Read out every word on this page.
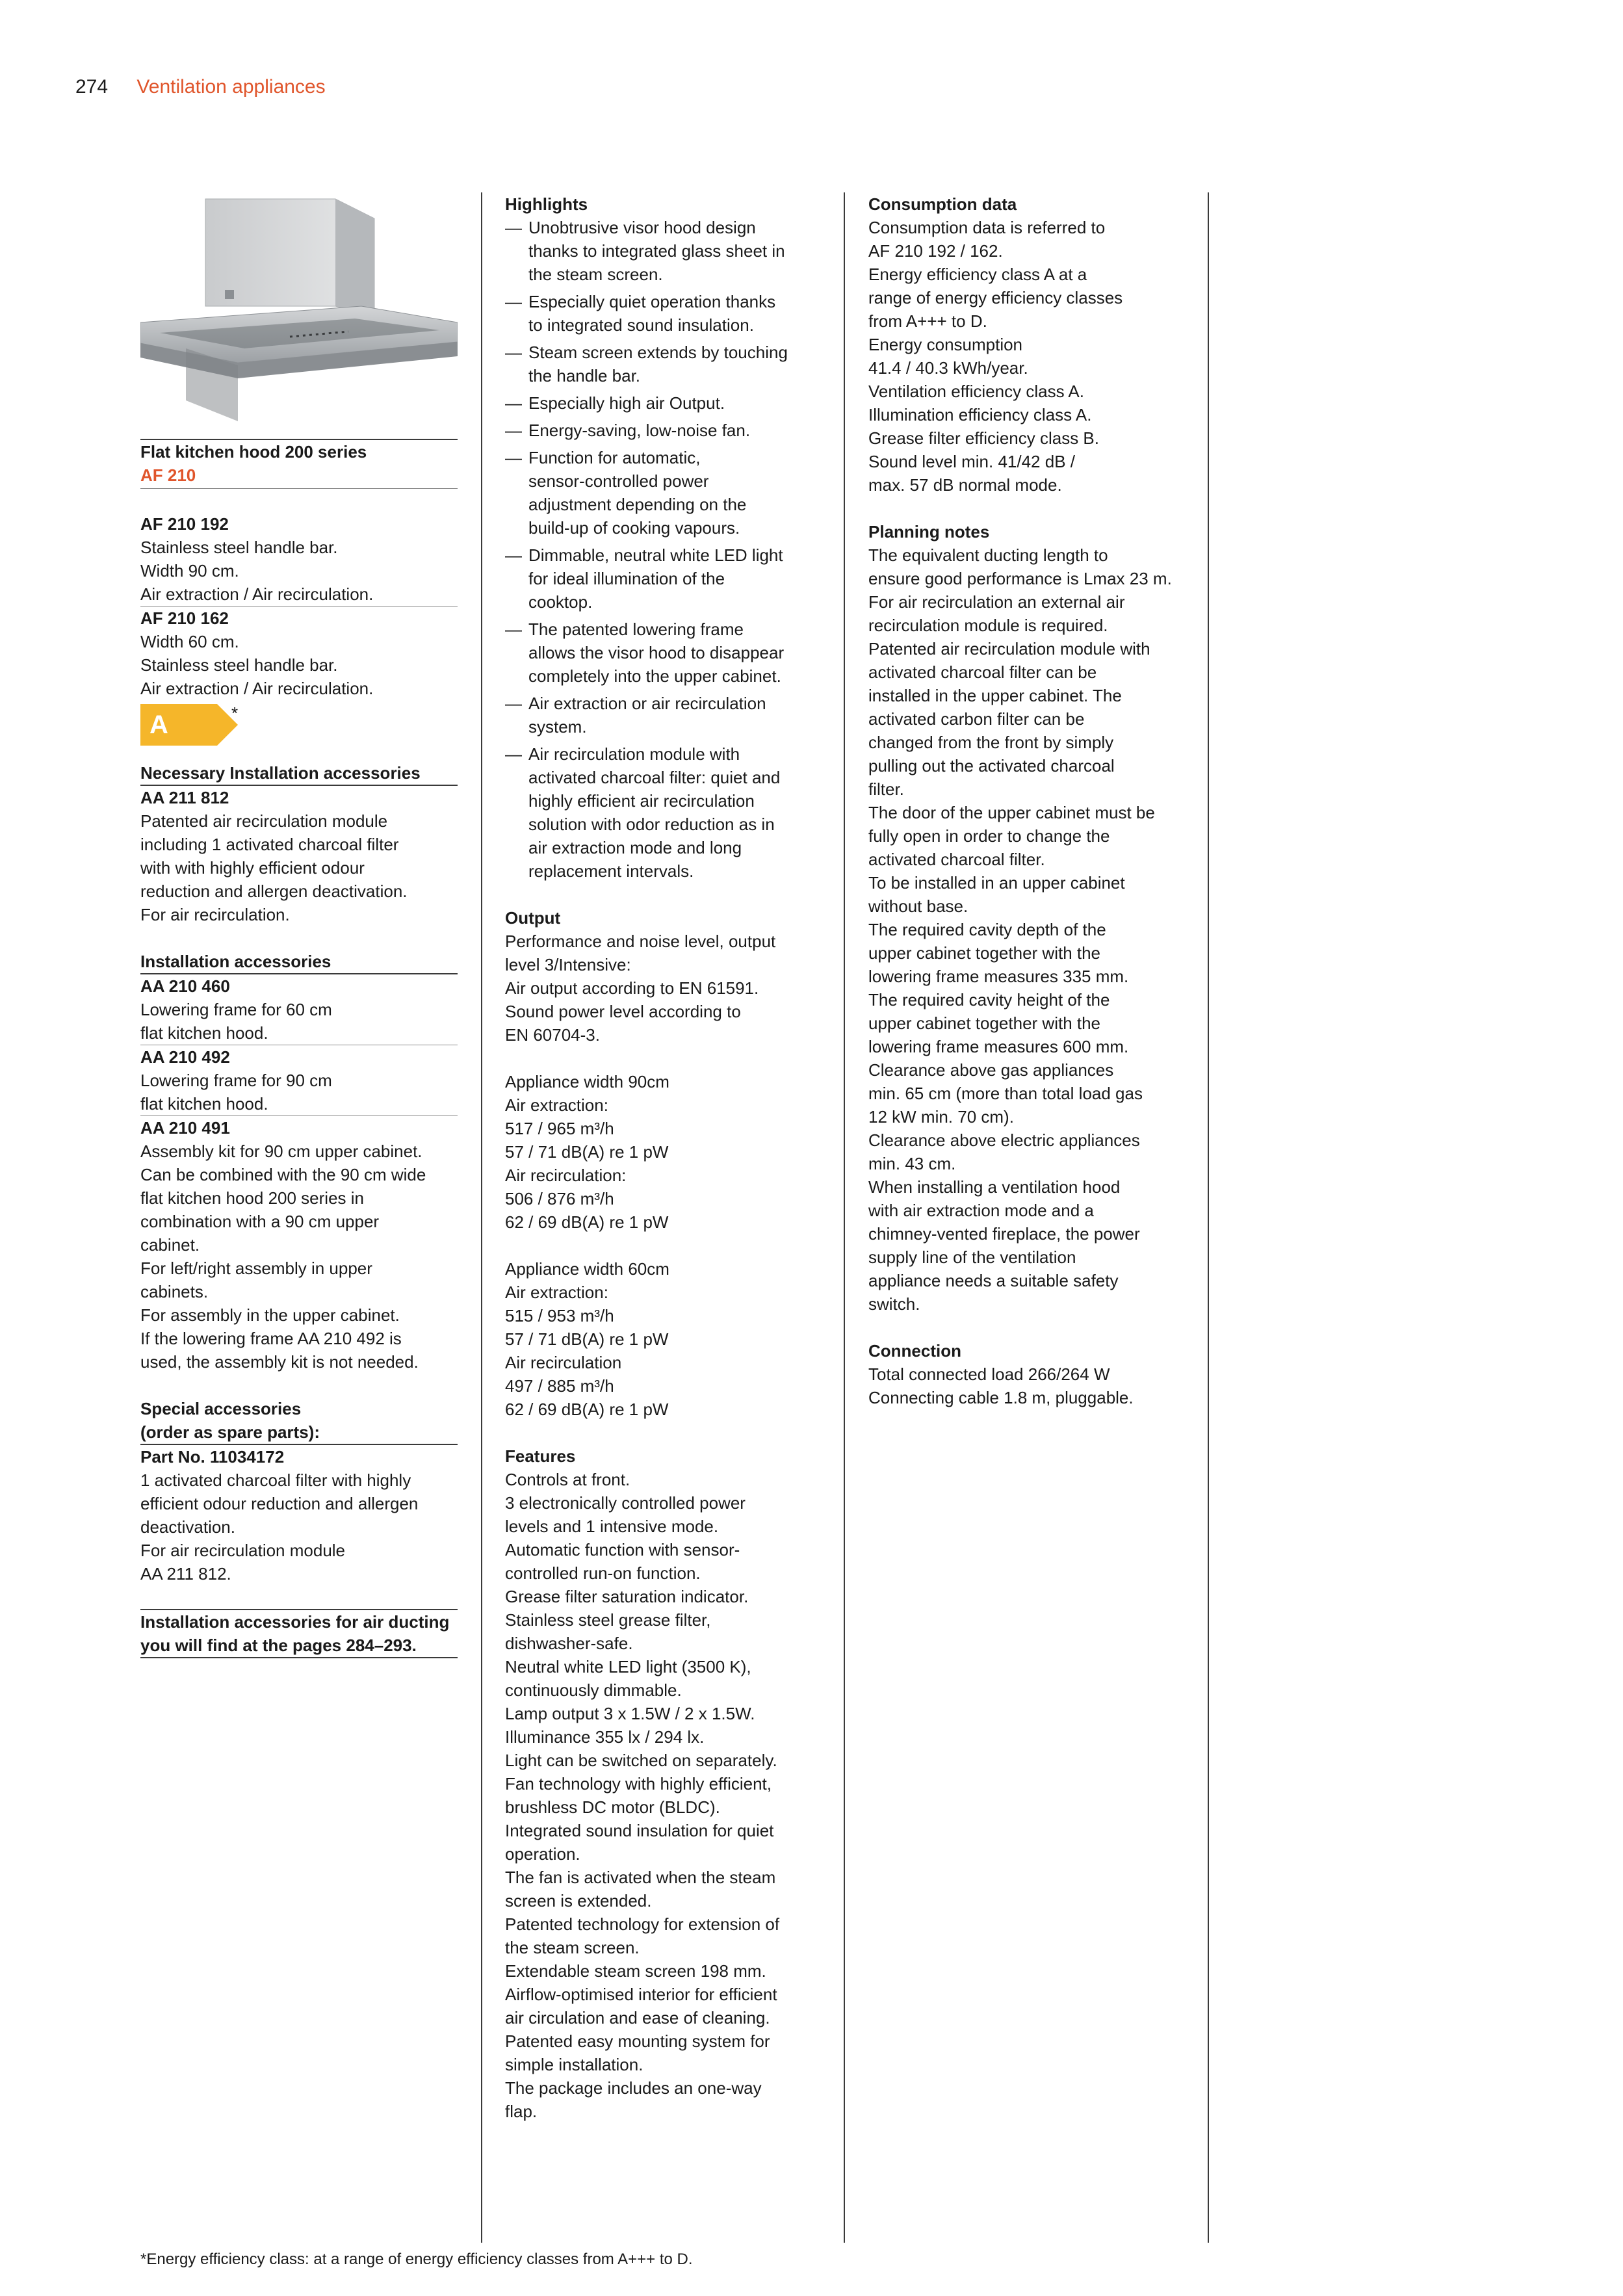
274 Ventilation appliances

Flat kitchen hood 200 series

AF 210

AF 210 192

Stainless steel handle bar.

Width 90 cm.

Air extraction / Air recirculation.

AF 210 162

Width 60 cm.

Stainless steel handle bar.

Air extraction / Air recirculation.

A	*

Necessary Installation accessories

AA 211 812

Patented air recirculation module

including 1 activated charcoal filter

with with highly efficient odour

reduction and allergen deactivation.

For air recirculation.

Installation accessories

AA 210 460

Lowering frame for 60 cm

flat kitchen hood.

AA 210 492

Lowering frame for 90 cm

flat kitchen hood.

AA 210 491

Assembly kit for 90 cm upper cabinet.

Can be combined with the 90 cm wide

flat kitchen hood 200 series in

combination with a 90 cm upper

cabinet.

For left/right assembly in upper

cabinets.

For assembly in the upper cabinet.

If the lowering frame AA 210 492 is

used, the assembly kit is not needed.

Special accessories

(order as spare parts):

Part No. 11034172

1 activated charcoal filter with highly

efficient odour reduction and allergen

deactivation.

For air recirculation module

AA 211 812.

Installation accessories for air ducting

you will find at the pages 284–293.

Highlights

— Unobtrusive visor hood design
thanks to integrated glass sheet in
the steam screen.
— Especially quiet operation thanks
to integrated sound insulation.
— Steam screen extends by touching
the handle bar.
— Especially high air Output.
— Energy-saving, low-noise fan.
— Function for automatic,
sensor-controlled power
adjustment depending on the
build-up of cooking vapours.
— Dimmable, neutral white LED light
for ideal illumination of the
cooktop.
— The patented lowering frame
allows the visor hood to disappear
completely into the upper cabinet.
— Air extraction or air recirculation
system.
— Air recirculation module with
activated charcoal filter: quiet and
highly efficient air recirculation
solution with odor reduction as in
air extraction mode and long
replacement intervals.

Output

Performance and noise level, output

level 3/Intensive:

Air output according to EN 61591.

Sound power level according to

EN 60704-3.

Appliance width 90cm

Air extraction:

517 / 965 m³/h

57 / 71 dB(A) re 1 pW

Air recirculation:

506 / 876 m³/h

62 / 69 dB(A) re 1 pW

Appliance width 60cm

Air extraction:

515 / 953 m³/h

57 / 71 dB(A) re 1 pW

Air recirculation

497 / 885 m³/h

62 / 69 dB(A) re 1 pW

Features

Controls at front.

3 electronically controlled power

levels and 1 intensive mode.

Automatic function with sensor-

controlled run-on function.

Grease filter saturation indicator.

Stainless steel grease filter,

dishwasher-safe.

Neutral white LED light (3500 K),

continuously dimmable.

Lamp output 3 x 1.5W / 2 x 1.5W.

Illuminance 355 lx / 294 lx.

Light can be switched on separately.

Fan technology with highly efficient,

brushless DC motor (BLDC).

Integrated sound insulation for quiet

operation.

The fan is activated when the steam

screen is extended.

Patented technology for extension of

the steam screen.

Extendable steam screen 198 mm.

Airflow-optimised interior for efficient

air circulation and ease of cleaning.

Patented easy mounting system for

simple installation.

The package includes an one-way

flap.

Consumption data

Consumption data is referred to

AF 210 192 / 162.

Energy efficiency class A at a

range of energy efficiency classes

from A+++ to D.

Energy consumption

41.4 / 40.3 kWh/year.

Ventilation efficiency class A.

Illumination efficiency class A.

Grease filter efficiency class B.

Sound level min. 41/42 dB /

max. 57 dB normal mode.

Planning notes

The equivalent ducting length to

ensure good performance is Lmax 23 m.

For air recirculation an external air

recirculation module is required.

Patented air recirculation module with

activated charcoal filter can be

installed in the upper cabinet. The

activated carbon filter can be

changed from the front by simply

pulling out the activated charcoal

filter.

The door of the upper cabinet must be

fully open in order to change the

activated charcoal filter.

To be installed in an upper cabinet

without base.

The required cavity depth of the

upper cabinet together with the

lowering frame measures 335 mm.

The required cavity height of the

upper cabinet together with the

lowering frame measures 600 mm.

Clearance above gas appliances

min. 65 cm (more than total load gas

12 kW min. 70 cm).

Clearance above electric appliances

min. 43 cm.

When installing a ventilation hood

with air extraction mode and a

chimney-vented fireplace, the power

supply line of the ventilation

appliance needs a suitable safety

switch.

Connection

Total connected load 266/264 W

Connecting cable 1.8 m, pluggable.

*Energy efficiency class: at a range of energy efficiency classes from A+++ to D.
